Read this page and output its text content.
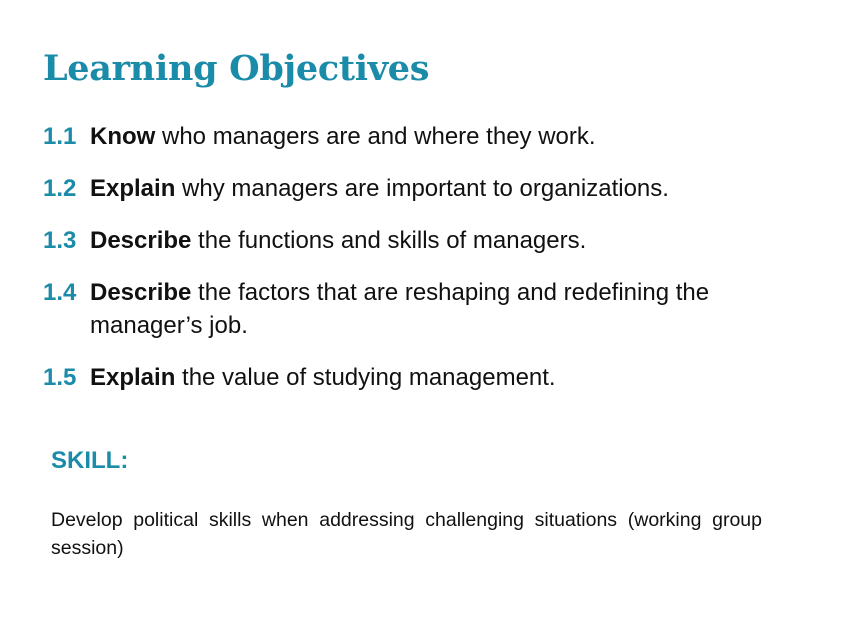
Learning Objectives
1.1 Know who managers are and where they work.
1.2 Explain why managers are important to organizations.
1.3 Describe the functions and skills of managers.
1.4 Describe the factors that are reshaping and redefining the manager’s job.
1.5 Explain the value of studying management.
SKILL:

Develop political skills when addressing challenging situations (working group session)
